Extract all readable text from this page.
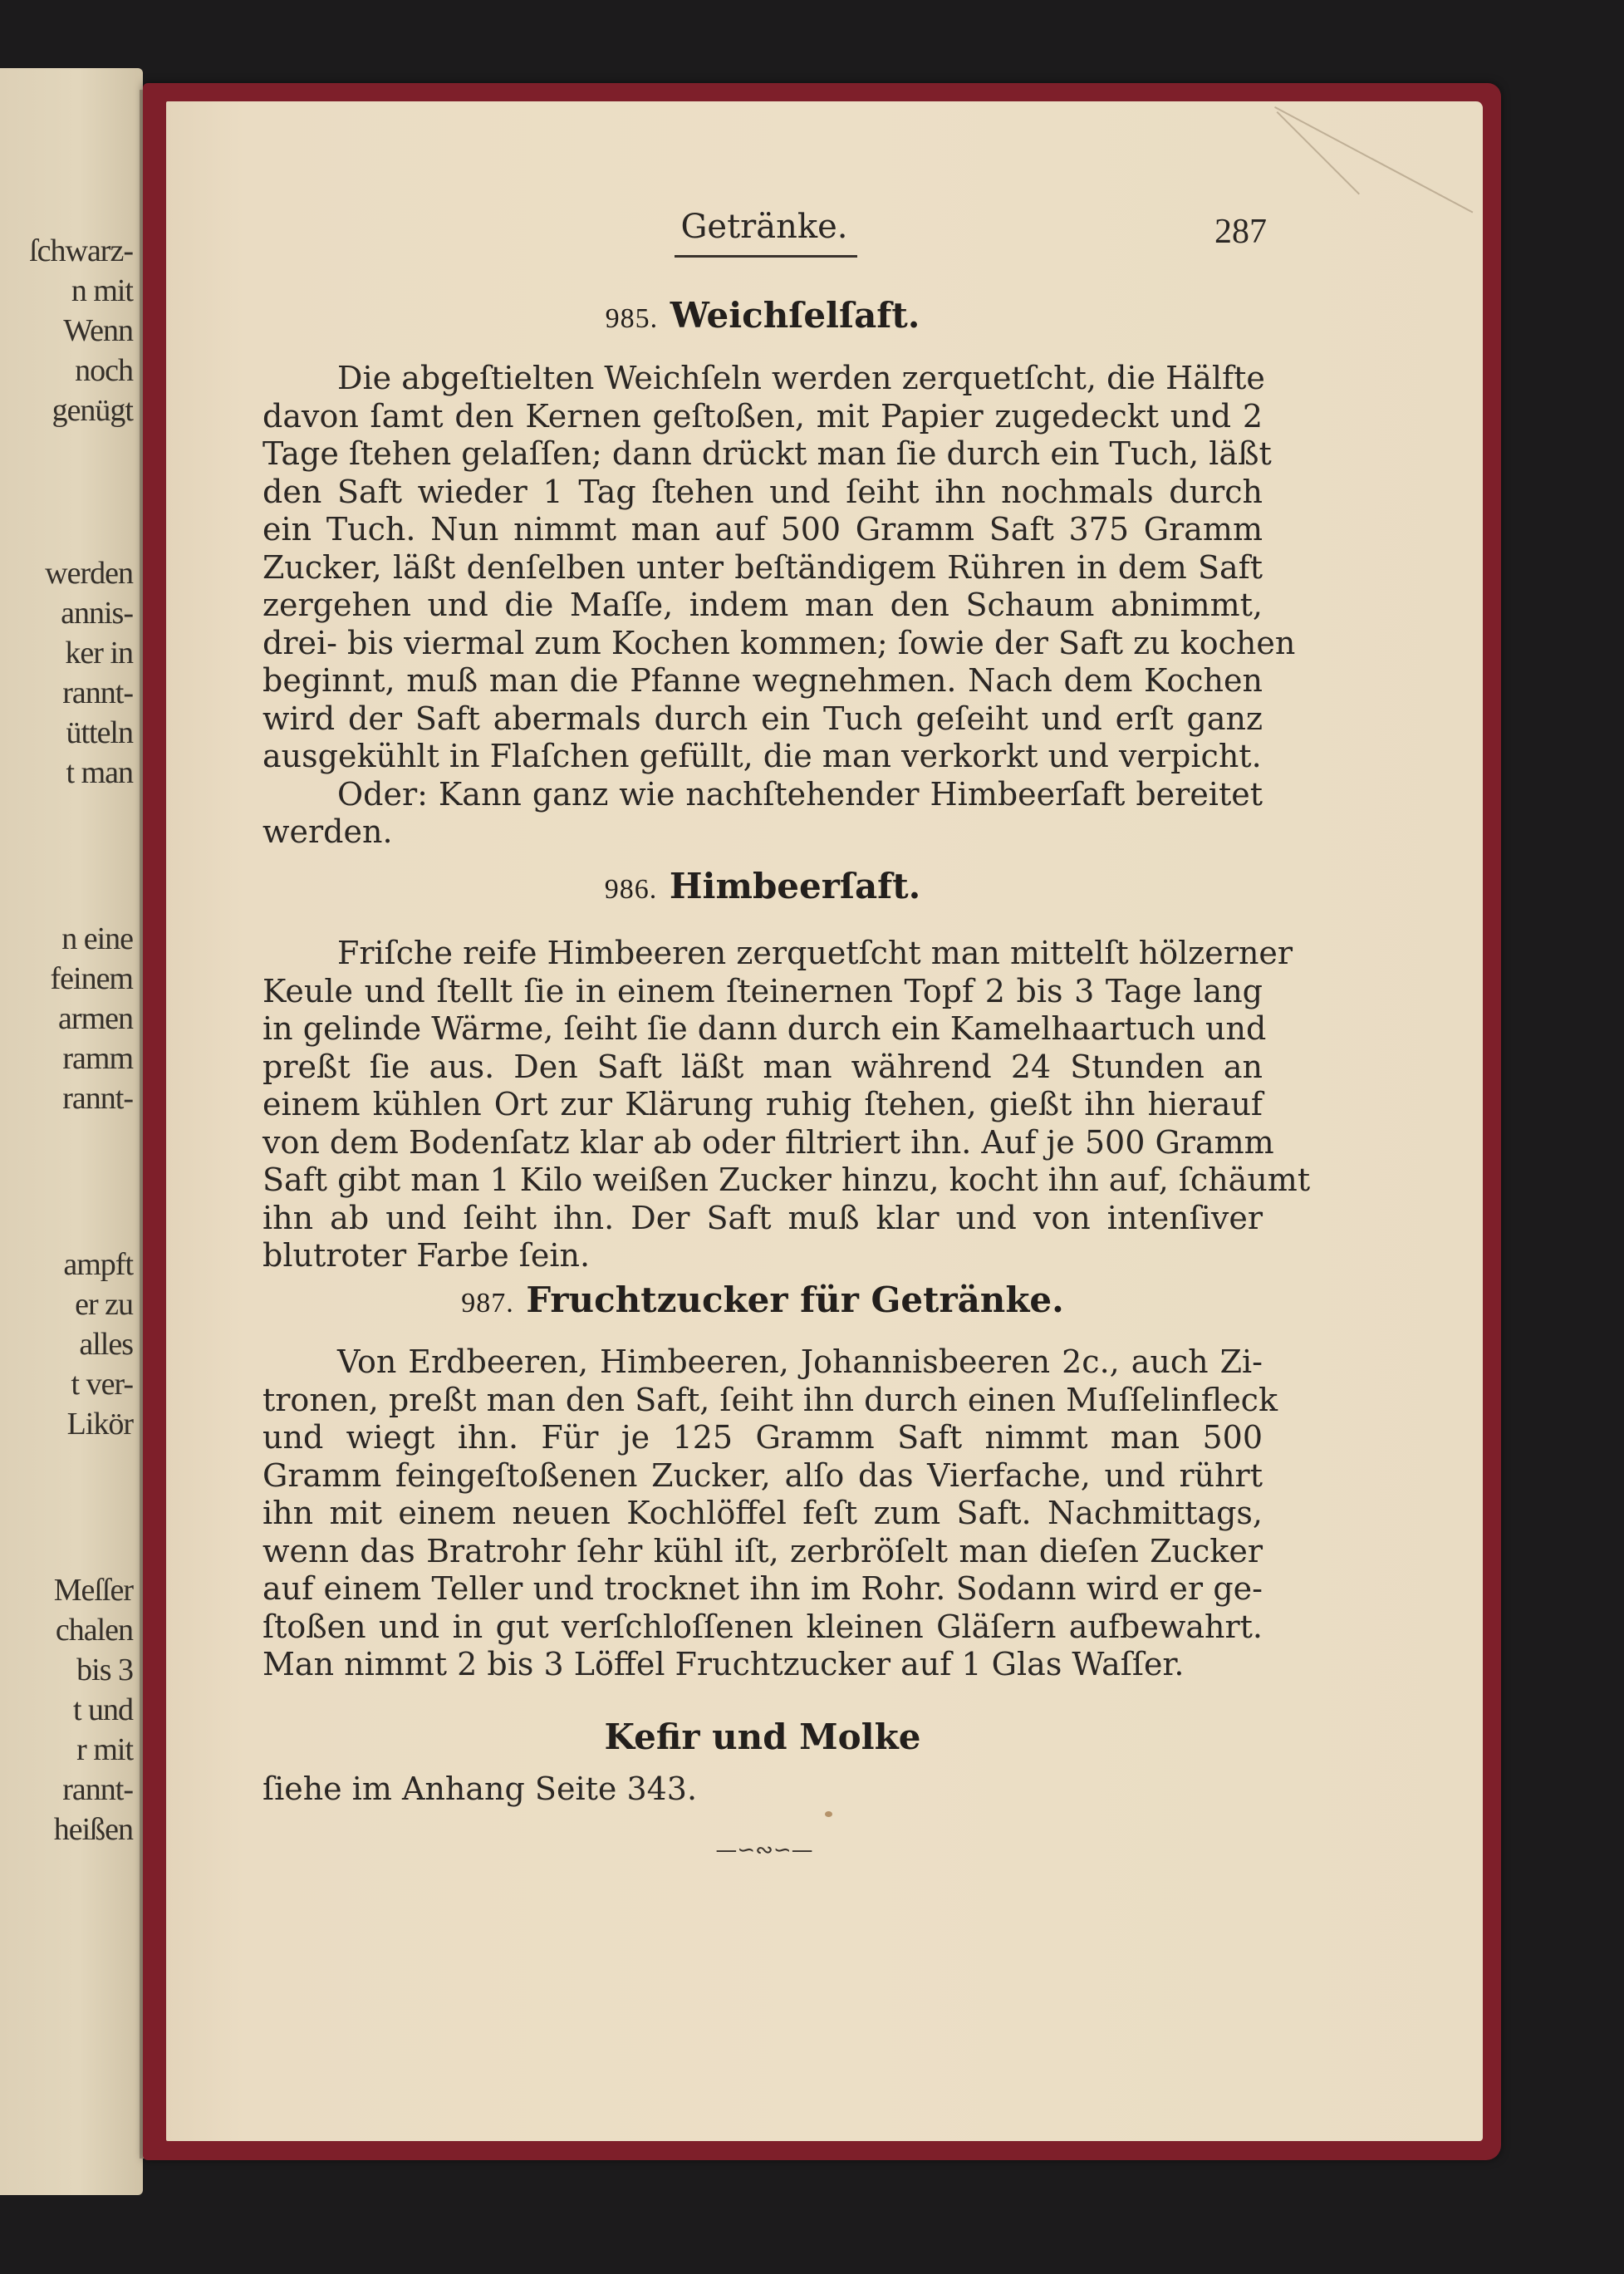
ſchwarz-
n mit
Wenn
noch
genügt
werden
annis-
ker in
rannt-
ütteln
t man
n eine
feinem
armen
ramm
rannt-
ampft
er zu
alles
t ver-
Likör
Meſſer
chalen
bis 3
t und
r mit
rannt-
heißen
Getränke.	287
985. Weichſelſaft.
986. Himbeerſaft.
987. Fruchtzucker für Getränke.
Kefir und Molke
—∽∾∽—
Die abgeſtielten Weichſeln werden zerquetſcht, die Hälfte
davon ſamt den Kernen geſtoßen, mit Papier zugedeckt und 2
Tage ſtehen gelaſſen; dann drückt man ſie durch ein Tuch, läßt
den Saft wieder 1 Tag ſtehen und ſeiht ihn nochmals durch
ein Tuch. Nun nimmt man auf 500 Gramm Saft 375 Gramm
Zucker, läßt denſelben unter beſtändigem Rühren in dem Saft
zergehen und die Maſſe, indem man den Schaum abnimmt,
drei- bis viermal zum Kochen kommen; ſowie der Saft zu kochen
beginnt, muß man die Pfanne wegnehmen. Nach dem Kochen
wird der Saft abermals durch ein Tuch geſeiht und erſt ganz
ausgekühlt in Flaſchen gefüllt, die man verkorkt und verpicht.
Oder: Kann ganz wie nachſtehender Himbeerſaft bereitet
werden.
Friſche reife Himbeeren zerquetſcht man mittelſt hölzerner
Keule und ſtellt ſie in einem ſteinernen Topf 2 bis 3 Tage lang
in gelinde Wärme, ſeiht ſie dann durch ein Kamelhaartuch und
preßt ſie aus. Den Saft läßt man während 24 Stunden an
einem kühlen Ort zur Klärung ruhig ſtehen, gießt ihn hierauf
von dem Bodenſatz klar ab oder filtriert ihn. Auf je 500 Gramm
Saft gibt man 1 Kilo weißen Zucker hinzu, kocht ihn auf, ſchäumt
ihn ab und ſeiht ihn. Der Saft muß klar und von intenſiver
blutroter Farbe ſein.
Von Erdbeeren, Himbeeren, Johannisbeeren 2c., auch Zi-
tronen, preßt man den Saft, ſeiht ihn durch einen Muſſelinfleck
und wiegt ihn. Für je 125 Gramm Saft nimmt man 500
Gramm feingeſtoßenen Zucker, alſo das Vierfache, und rührt
ihn mit einem neuen Kochlöffel feſt zum Saft. Nachmittags,
wenn das Bratrohr ſehr kühl iſt, zerbröſelt man dieſen Zucker
auf einem Teller und trocknet ihn im Rohr. Sodann wird er ge-
ſtoßen und in gut verſchloſſenen kleinen Gläſern aufbewahrt.
Man nimmt 2 bis 3 Löffel Fruchtzucker auf 1 Glas Waſſer.
ſiehe im Anhang Seite 343.
